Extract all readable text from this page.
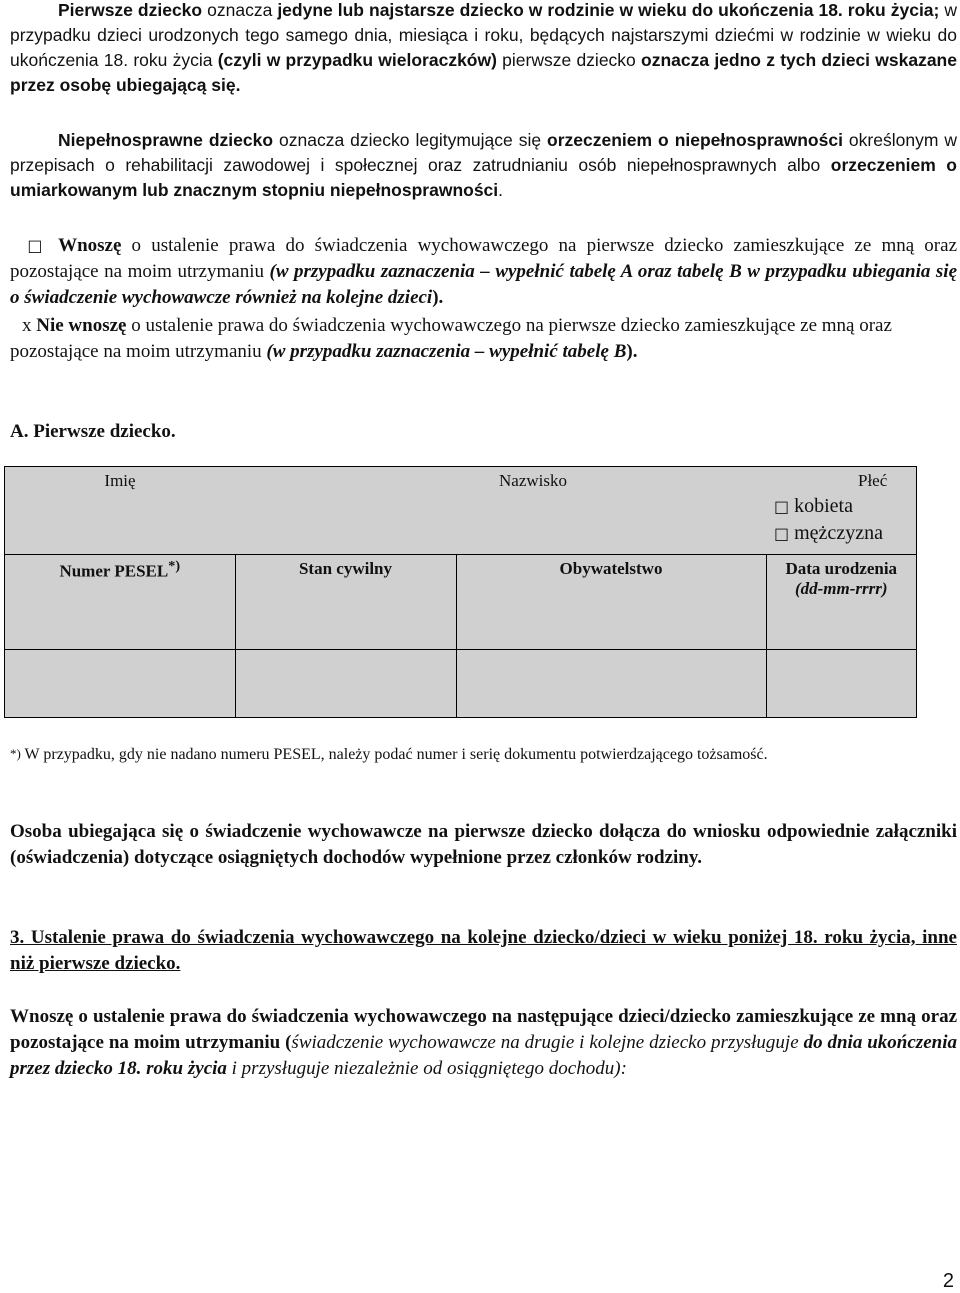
Pierwsze dziecko oznacza jedyne lub najstarsze dziecko w rodzinie w wieku do ukończenia 18. roku życia; w przypadku dzieci urodzonych tego samego dnia, miesiąca i roku, będących najstarszymi dziećmi w rodzinie w wieku do ukończenia 18. roku życia (czyli w przypadku wieloraczków) pierwsze dziecko oznacza jedno z tych dzieci wskazane przez osobę ubiegającą się.
Niepełnosprawne dziecko oznacza dziecko legitymujące się orzeczeniem o niepełnosprawności określonym w przepisach o rehabilitacji zawodowej i społecznej oraz zatrudnianiu osób niepełnosprawnych albo orzeczeniem o umiarkowanym lub znacznym stopniu niepełnosprawności.
□ Wnoszę o ustalenie prawa do świadczenia wychowawczego na pierwsze dziecko zamieszkujące ze mną oraz pozostające na moim utrzymaniu (w przypadku zaznaczenia – wypełnić tabelę A oraz tabelę B w przypadku ubiegania się o świadczenie wychowawcze również na kolejne dzieci).
x Nie wnoszę o ustalenie prawa do świadczenia wychowawczego na pierwsze dziecko zamieszkujące ze mną oraz pozostające na moim utrzymaniu (w przypadku zaznaczenia – wypełnić tabelę B).
A. Pierwsze dziecko.
Imię	Nazwisko		Płeć
□ kobieta
□ mężczyzna

Numer PESEL*)	Stan cywilny	Obywatelstwo	Data urodzenia
(dd-mm-rrrr)

*) W przypadku, gdy nie nadano numeru PESEL, należy podać numer i serię dokumentu potwierdzającego tożsamość.
Osoba ubiegająca się o świadczenie wychowawcze na pierwsze dziecko dołącza do wniosku odpowiednie załączniki (oświadczenia) dotyczące osiągniętych dochodów wypełnione przez członków rodziny.
3. Ustalenie prawa do świadczenia wychowawczego na kolejne dziecko/dzieci w wieku poniżej 18. roku życia, inne niż pierwsze dziecko.
Wnoszę o ustalenie prawa do świadczenia wychowawczego na następujące dzieci/dziecko zamieszkujące ze mną oraz pozostające na moim utrzymaniu (świadczenie wychowawcze na drugie i kolejne dziecko przysługuje do dnia ukończenia przez dziecko 18. roku życia i przysługuje niezależnie od osiągniętego dochodu):
2
